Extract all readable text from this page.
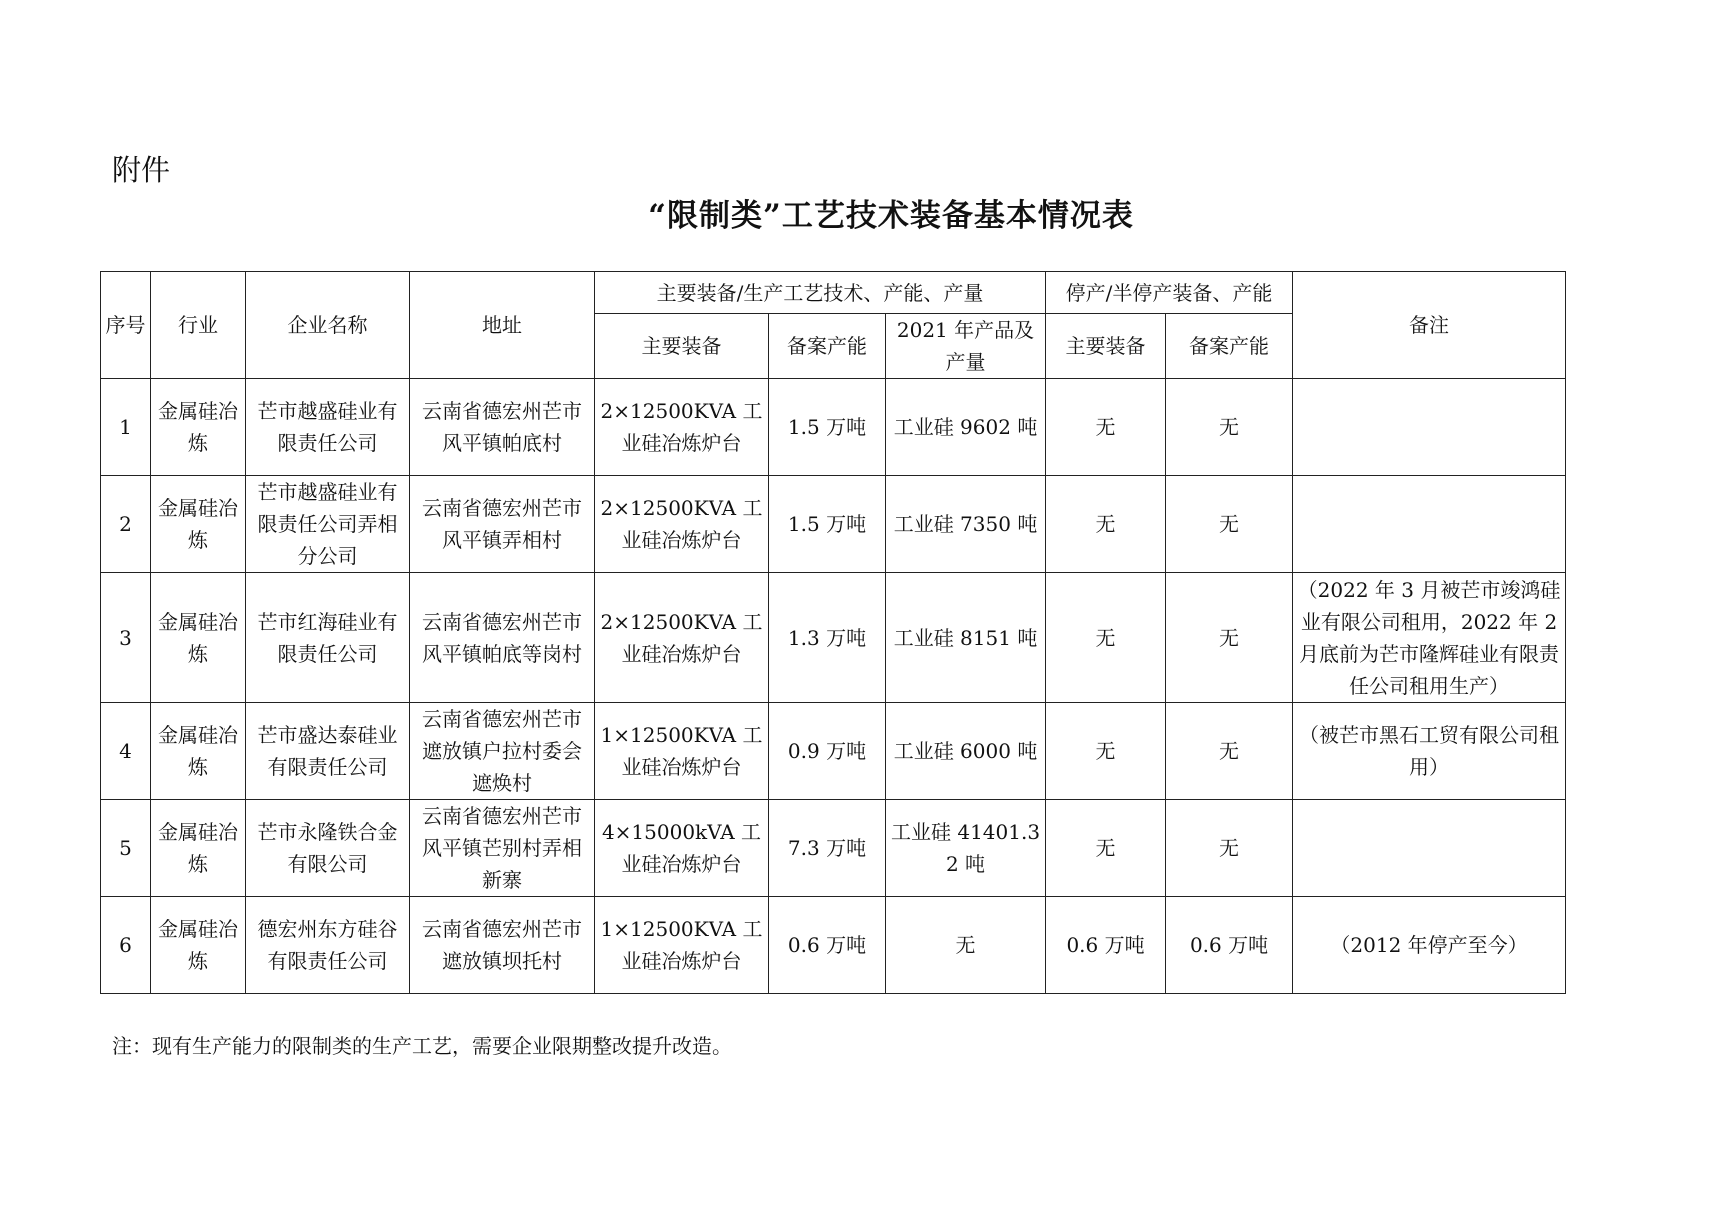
附件
“限制类”工艺技术装备基本情况表
序号	行业	企业名称	地址	主要装备/生产工艺技术、产能、产量			停产/半停产装备、产能		备注
				主要装备	备案产能	2021 年产品及产量	主要装备	备案产能	
1	金属硅冶炼	芒市越盛硅业有限责任公司	云南省德宏州芒市风平镇帕底村	2×12500KVA 工业硅冶炼炉台	1.5 万吨	工业硅 9602 吨	无	无	
2	金属硅冶炼	芒市越盛硅业有限责任公司弄相分公司	云南省德宏州芒市风平镇弄相村	2×12500KVA 工业硅冶炼炉台	1.5 万吨	工业硅 7350 吨	无	无	
3	金属硅冶炼	芒市红海硅业有限责任公司	云南省德宏州芒市风平镇帕底等岗村	2×12500KVA 工业硅冶炼炉台	1.3 万吨	工业硅 8151 吨	无	无	（2022 年 3 月被芒市竣鸿硅业有限公司租用，2022 年 2 月底前为芒市隆辉硅业有限责任公司租用生产）
4	金属硅冶炼	芒市盛达泰硅业有限责任公司	云南省德宏州芒市遮放镇户拉村委会遮焕村	1×12500KVA 工业硅冶炼炉台	0.9 万吨	工业硅 6000 吨	无	无	（被芒市黑石工贸有限公司租用）
5	金属硅冶炼	芒市永隆铁合金有限公司	云南省德宏州芒市风平镇芒别村弄相新寨	4×15000kVA 工业硅冶炼炉台	7.3 万吨	工业硅 41401.32 吨	无	无	
6	金属硅冶炼	德宏州东方硅谷有限责任公司	云南省德宏州芒市遮放镇坝托村	1×12500KVA 工业硅冶炼炉台	0.6 万吨	无	0.6 万吨	0.6 万吨	（2012 年停产至今）
注：现有生产能力的限制类的生产工艺，需要企业限期整改提升改造。
